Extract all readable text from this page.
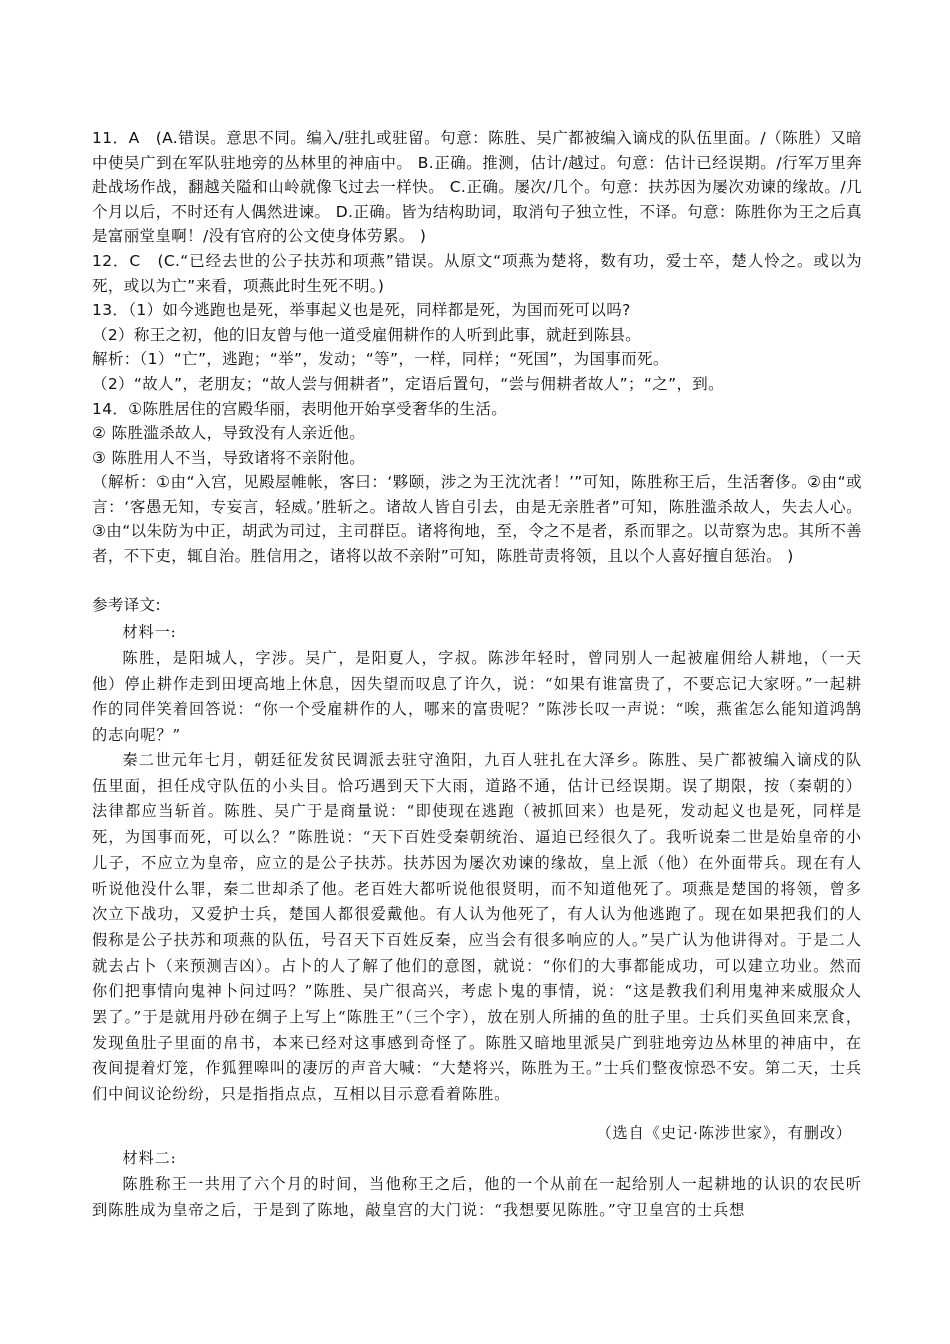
11．A　(A.错误。意思不同。编入/驻扎或驻留。句意：陈胜、吴广都被编入谪戍的队伍里面。/（陈胜）又暗中使吴广到在军队驻地旁的丛林里的神庙中。 B.正确。推测，估计/越过。句意：估计已经误期。/行军万里奔赴战场作战，翻越关隘和山岭就像飞过去一样快。 C.正确。屡次/几个。句意：扶苏因为屡次劝谏的缘故。/几个月以后，不时还有人偶然进谏。 D.正确。皆为结构助词，取消句子独立性，不译。句意：陈胜你为王之后真是富丽堂皇啊！/没有官府的公文使身体劳累。 )

12．C　(C.“已经去世的公子扶苏和项燕”错误。从原文“项燕为楚将，数有功，爱士卒，楚人怜之。或以为死，或以为亡”来看，项燕此时生死不明。)

13．（1）如今逃跑也是死，举事起义也是死，同样都是死，为国而死可以吗?

（2）称王之初，他的旧友曾与他一道受雇佣耕作的人听到此事，就赶到陈县。

解析：（1）“亡”，逃跑；“举”，发动；“等”，一样，同样；“死国”，为国事而死。

（2）“故人”，老朋友；“故人尝与佣耕者”，定语后置句，“尝与佣耕者故人”；“之”，到。

14．①陈胜居住的宫殿华丽，表明他开始享受奢华的生活。

② 陈胜滥杀故人，导致没有人亲近他。

③ 陈胜用人不当，导致诸将不亲附他。

（解析：①由“入宫，见殿屋帷帐，客曰：‘夥颐，涉之为王沈沈者！’”可知，陈胜称王后，生活奢侈。②由“或言：‘客愚无知，专妄言，轻威。’胜斩之。诸故人皆自引去，由是无亲胜者”可知，陈胜滥杀故人，失去人心。 ③由“以朱防为中正，胡武为司过，主司群臣。诸将徇地，至，令之不是者，系而罪之。以苛察为忠。其所不善者，不下吏，辄自治。胜信用之，诸将以故不亲附”可知，陈胜苛责将领，且以个人喜好擅自惩治。 )

参考译文:

材料一:

陈胜，是阳城人，字涉。吴广，是阳夏人，字叔。陈涉年轻时，曾同别人一起被雇佣给人耕地，（一天他）停止耕作走到田埂高地上休息，因失望而叹息了许久，说：“如果有谁富贵了，不要忘记大家呀。”一起耕作的同伴笑着回答说：“你一个受雇耕作的人，哪来的富贵呢？”陈涉长叹一声说：“唉，燕雀怎么能知道鸿鹄的志向呢？”

秦二世元年七月，朝廷征发贫民调派去驻守渔阳，九百人驻扎在大泽乡。陈胜、吴广都被编入谪戍的队伍里面，担任戍守队伍的小头目。恰巧遇到天下大雨，道路不通，估计已经误期。误了期限，按（秦朝的）法律都应当斩首。陈胜、吴广于是商量说：“即使现在逃跑（被抓回来）也是死，发动起义也是死，同样是死，为国事而死，可以么？”陈胜说：“天下百姓受秦朝统治、逼迫已经很久了。我听说秦二世是始皇帝的小儿子，不应立为皇帝，应立的是公子扶苏。扶苏因为屡次劝谏的缘故，皇上派（他）在外面带兵。现在有人听说他没什么罪，秦二世却杀了他。老百姓大都听说他很贤明，而不知道他死了。项燕是楚国的将领，曾多次立下战功，又爱护士兵，楚国人都很爱戴他。有人认为他死了，有人认为他逃跑了。现在如果把我们的人假称是公子扶苏和项燕的队伍，号召天下百姓反秦，应当会有很多响应的人。”吴广认为他讲得对。于是二人就去占卜（来预测吉凶）。占卜的人了解了他们的意图，就说：“你们的大事都能成功，可以建立功业。然而你们把事情向鬼神卜问过吗？”陈胜、吴广很高兴，考虑卜鬼的事情，说：“这是教我们利用鬼神来威服众人罢了。”于是就用丹砂在绸子上写上“陈胜王”（三个字），放在别人所捕的鱼的肚子里。士兵们买鱼回来烹食，发现鱼肚子里面的帛书，本来已经对这事感到奇怪了。陈胜又暗地里派吴广到驻地旁边丛林里的神庙中，在夜间提着灯笼，作狐狸嗥叫的凄厉的声音大喊：“大楚将兴，陈胜为王。”士兵们整夜惊恐不安。第二天，士兵们中间议论纷纷，只是指指点点，互相以目示意看着陈胜。

（选自《史记·陈涉世家》，有删改）

材料二:

陈胜称王一共用了六个月的时间，当他称王之后，他的一个从前在一起给别人一起耕地的认识的农民听到陈胜成为皇帝之后，于是到了陈地，敲皇宫的大门说：“我想要见陈胜。”守卫皇宫的士兵想
